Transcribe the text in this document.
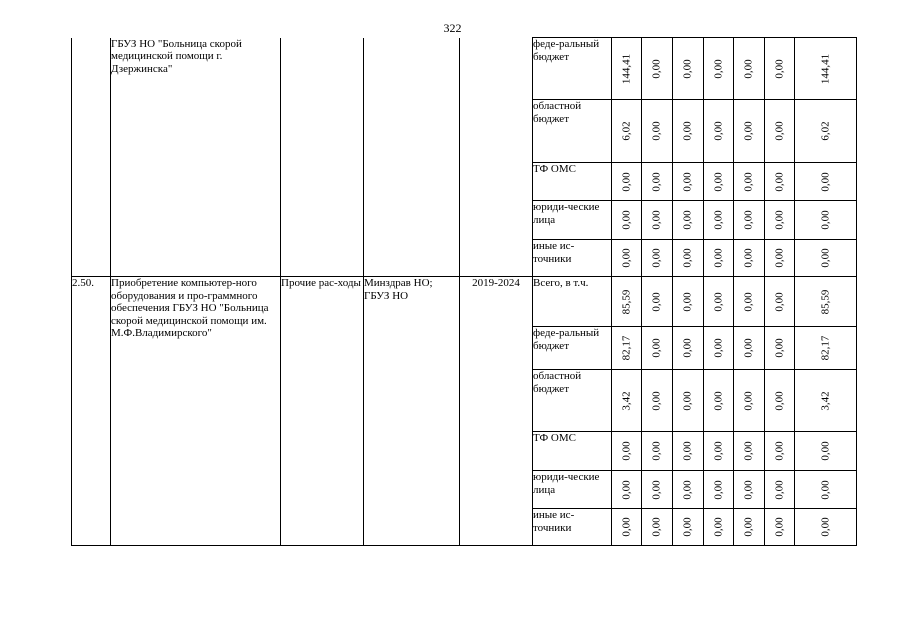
322
	ГБУЗ НО "Больница скорой медицинской помощи г. Дзержинска"				феде-ральный бюджет	144,41	0,00	0,00	0,00	0,00	0,00	144,41

					областной бюджет	6,02	0,00	0,00	0,00	0,00	0,00	6,02

					ТФ ОМС	0,00	0,00	0,00	0,00	0,00	0,00	0,00

					юриди-ческие лица	0,00	0,00	0,00	0,00	0,00	0,00	0,00

					иные ис-точники	0,00	0,00	0,00	0,00	0,00	0,00	0,00

2.50.	Приобретение компьютер-ного оборудования и про-граммного обеспечения ГБУЗ НО "Больница скорой медицинской помощи им. М.Ф.Владимирского"	Прочие рас-ходы	Минздрав НО; ГБУЗ НО	2019-2024	Всего, в т.ч.	85,59	0,00	0,00	0,00	0,00	0,00	85,59

					феде-ральный бюджет	82,17	0,00	0,00	0,00	0,00	0,00	82,17

					областной бюджет	3,42	0,00	0,00	0,00	0,00	0,00	3,42

					ТФ ОМС	0,00	0,00	0,00	0,00	0,00	0,00	0,00

					юриди-ческие лица	0,00	0,00	0,00	0,00	0,00	0,00	0,00

					иные ис-точники	0,00	0,00	0,00	0,00	0,00	0,00	0,00
